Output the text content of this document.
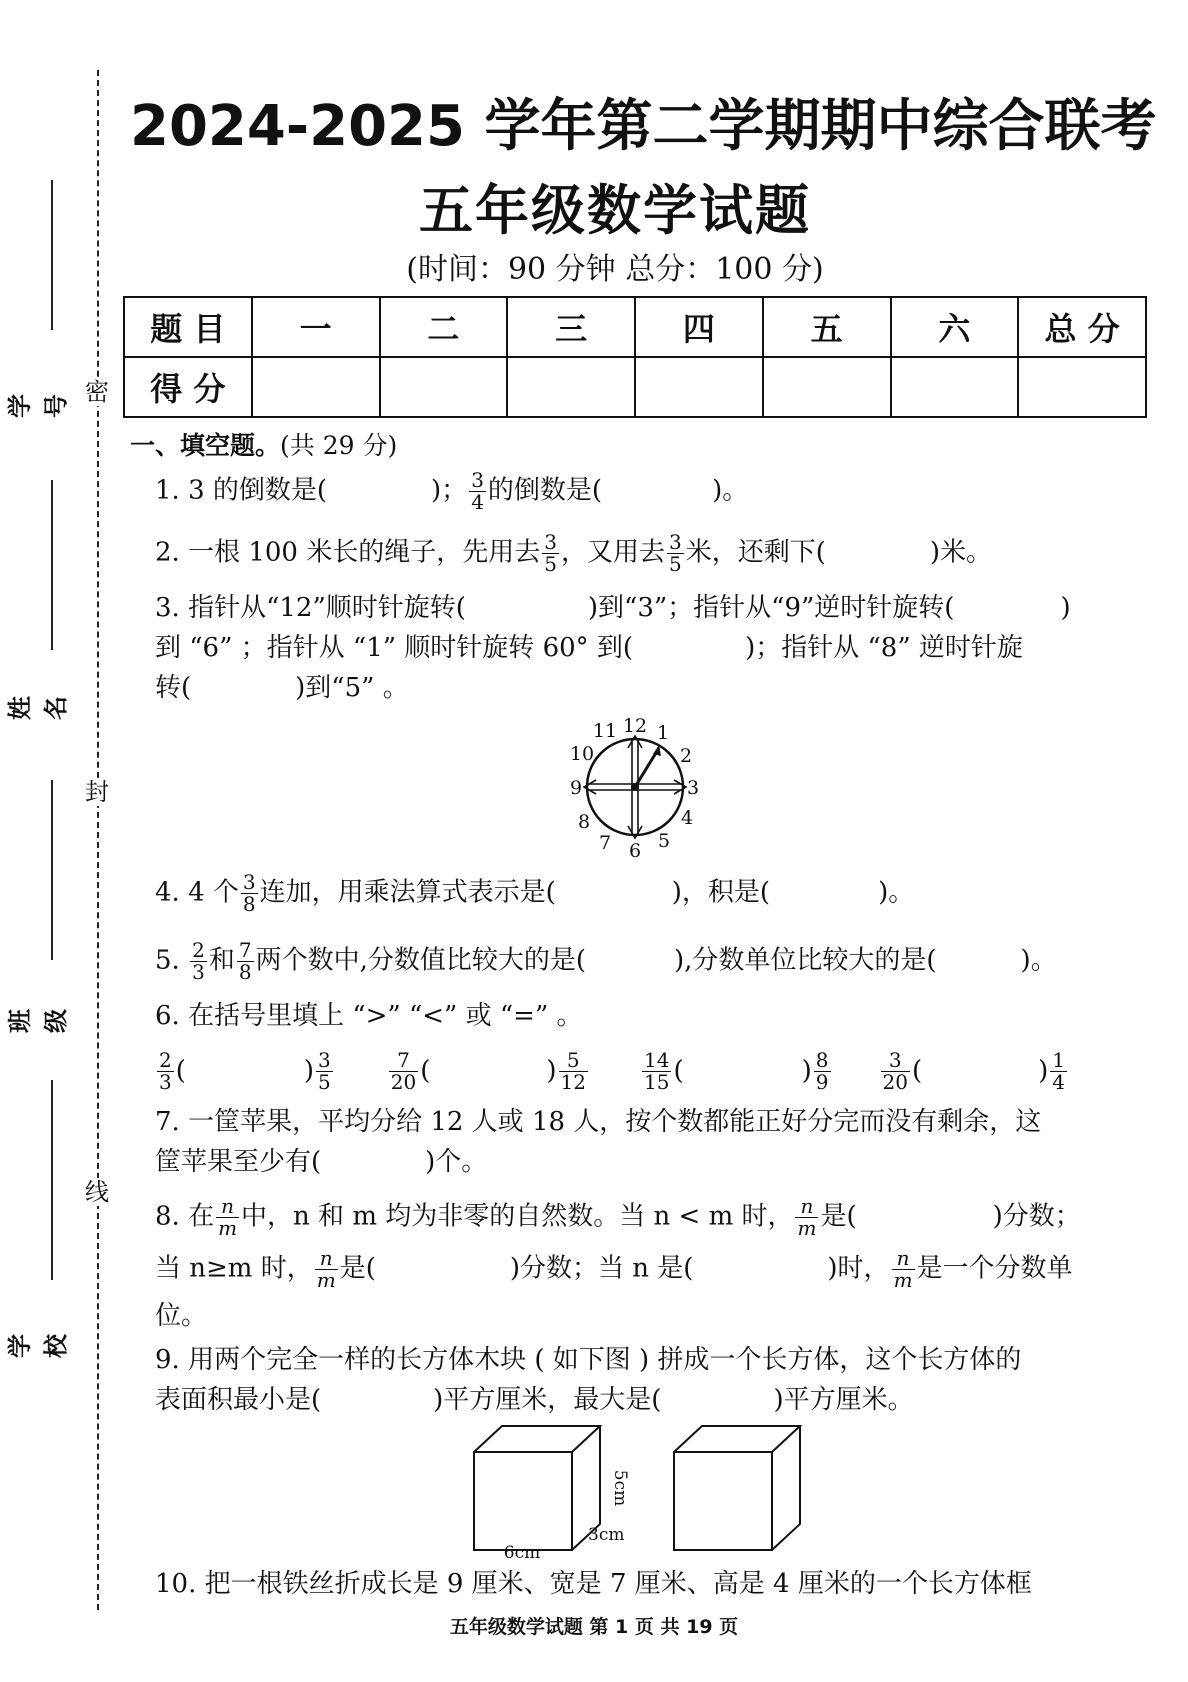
密
封
线
学号
姓名
班级
学校
2024-2025 学年第二学期期中综合联考
五年级数学试题
(时间：90 分钟 总分：100 分)
题 目	一	二	三	四	五	六	总 分
得 分							
一、填空题。(共 29 分)
1. 3 的倒数是(	)； $\frac{3}{4}$ 的倒数是(	)。
2. 一根 100 米长的绳子，先用去 $\frac{3}{5}$ ，又用去 $\frac{3}{5}$ 米，还剩下(	)米。
3. 指针从“12”顺时针旋转(	)到“3”；指针从“9”逆时针旋转(	)
到 “6” ；指针从 “1” 顺时针旋转 60° 到(	)；指针从 “8” 逆时针旋
转(	)到“5” 。
12 1
2
3
4
5
6
7
8
9
10
11
4. 4 个 $\frac{3}{8}$ 连加，用乘法算式表示是(	)，积是(	)。
5. $\frac{2}{3}$ 和 $\frac{7}{8}$ 两个数中,分数值比较大的是(	),分数单位比较大的是(	)。
6. 在括号里填上 “>” “<” 或 “=” 。
$\frac{2}{3}$ (	) $\frac{3}{5}$	$\frac{7}{20}$ (	) $\frac{5}{12}$	$\frac{14}{15}$ (	) $\frac{8}{9}$	$\frac{3}{20}$ (	) $\frac{1}{4}$
7. 一筐苹果，平均分给 12 人或 18 人，按个数都能正好分完而没有剩余，这
筐苹果至少有(	)个。
8. 在 $\frac{n}{m}$ 中，n 和 m 均为非零的自然数。当 n < m 时， $\frac{n}{m}$ 是(	)分数；
当 n≥m 时， $\frac{n}{m}$ 是(	)分数；当 n 是(	)时， $\frac{n}{m}$ 是一个分数单
位。
9. 用两个完全一样的长方体木块 ( 如下图 ) 拼成一个长方体，这个长方体的
表面积最小是(	)平方厘米，最大是(	)平方厘米。
5cm
6cm
3cm
10. 把一根铁丝折成长是 9 厘米、宽是 7 厘米、高是 4 厘米的一个长方体框
五年级数学试题 第 1 页 共 19 页
